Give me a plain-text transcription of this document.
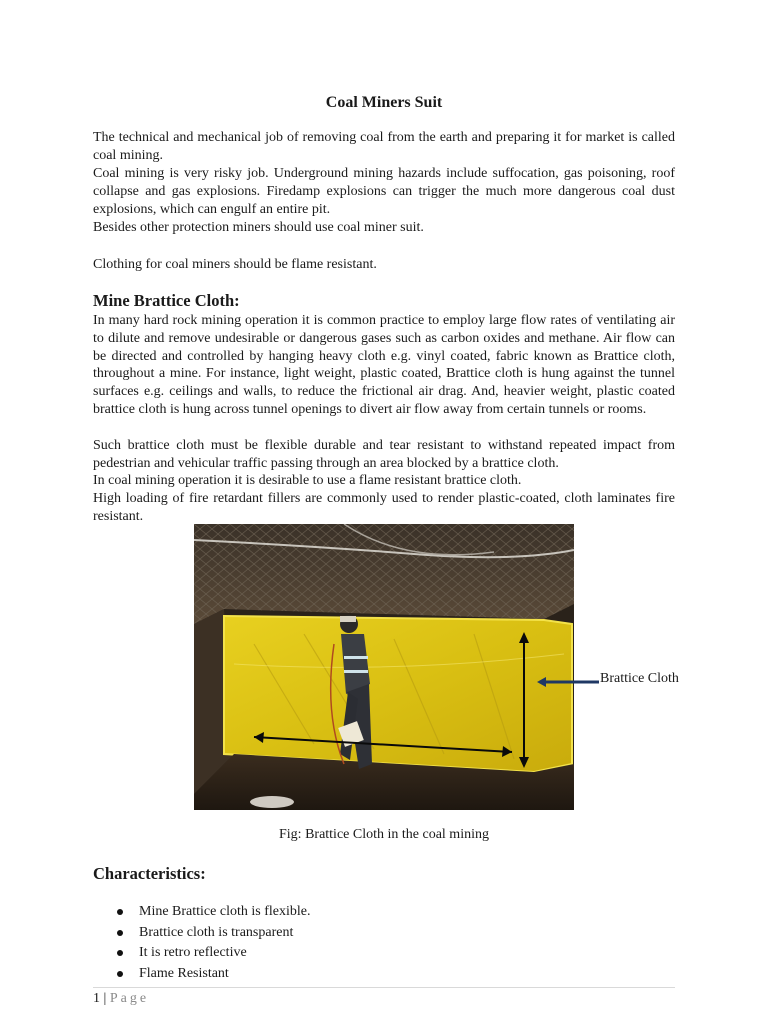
Coal Miners Suit

The technical and mechanical job of removing coal from the earth and preparing it for market is called coal mining.

Coal mining is very risky job. Underground mining hazards include suffocation, gas poisoning, roof collapse and gas explosions. Firedamp explosions can trigger the much more dangerous coal dust explosions, which can engulf an entire pit.

Besides other protection miners should use coal miner suit.

Clothing for coal miners should be flame resistant.

Mine Brattice Cloth:

In many hard rock mining operation it is common practice to employ large flow rates of ventilating air to dilute and remove undesirable or dangerous gases such as carbon oxides and methane. Air flow can be directed and controlled by hanging heavy cloth e.g. vinyl coated, fabric known as Brattice cloth, throughout a mine. For instance, light weight, plastic coated, Brattice cloth is hung against the tunnel surfaces e.g. ceilings and walls, to reduce the frictional air drag. And, heavier weight, plastic coated brattice cloth is hung across tunnel openings to divert air flow away from certain tunnels or rooms.

Such brattice cloth must be flexible durable and tear resistant to withstand repeated impact from pedestrian and vehicular traffic passing through an area blocked by a brattice cloth.

In coal mining operation it is desirable to use a flame resistant brattice cloth.

High loading of fire retardant fillers are commonly used to render plastic-coated, cloth laminates fire resistant.

Brattice Cloth
Fig: Brattice Cloth in the coal mining
Characteristics:
Mine Brattice cloth is flexible.
Brattice cloth is transparent
It is retro reflective
Flame Resistant
1 | Page
